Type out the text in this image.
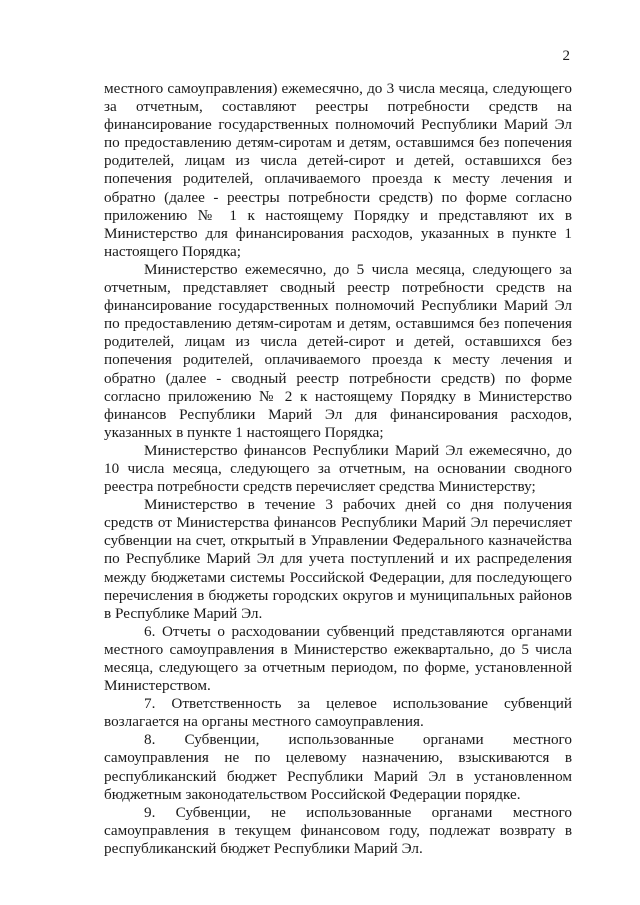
2

местного самоуправления) ежемесячно, до 3 числа месяца, следующего за отчетным, составляют реестры потребности средств на финансирование государственных полномочий Республики Марий Эл по предоставлению детям-сиротам и детям, оставшимся без попечения родителей, лицам из числа детей-сирот и детей, оставшихся без попечения родителей, оплачиваемого проезда к месту лечения и обратно (далее - реестры потребности средств) по форме согласно приложению № 1 к настоящему Порядку и представляют их в Министерство для финансирования расходов, указанных в пункте 1 настоящего Порядка;

Министерство ежемесячно, до 5 числа месяца, следующего за отчетным, представляет сводный реестр потребности средств на финансирование государственных полномочий Республики Марий Эл по предоставлению детям-сиротам и детям, оставшимся без попечения родителей, лицам из числа детей-сирот и детей, оставшихся без попечения родителей, оплачиваемого проезда к месту лечения и обратно (далее - сводный реестр потребности средств) по форме согласно приложению № 2 к настоящему Порядку в Министерство финансов Республики Марий Эл для финансирования расходов, указанных в пункте 1 настоящего Порядка;

Министерство финансов Республики Марий Эл ежемесячно, до 10 числа месяца, следующего за отчетным, на основании сводного реестра потребности средств перечисляет средства Министерству;

Министерство в течение 3 рабочих дней со дня получения средств от Министерства финансов Республики Марий Эл перечисляет субвенции на счет, открытый в Управлении Федерального казначейства по Республике Марий Эл для учета поступлений и их распределения между бюджетами системы Российской Федерации, для последующего перечисления в бюджеты городских округов и муниципальных районов в Республике Марий Эл.

6. Отчеты о расходовании субвенций представляются органами местного самоуправления в Министерство ежеквартально, до 5 числа месяца, следующего за отчетным периодом, по форме, установленной Министерством.

7. Ответственность за целевое использование субвенций возлагается на органы местного самоуправления.

8. Субвенции, использованные органами местного самоуправления не по целевому назначению, взыскиваются в республиканский бюджет Республики Марий Эл в установленном бюджетным законодательством Российской Федерации порядке.

9. Субвенции, не использованные органами местного самоуправления в текущем финансовом году, подлежат возврату в республиканский бюджет Республики Марий Эл.
